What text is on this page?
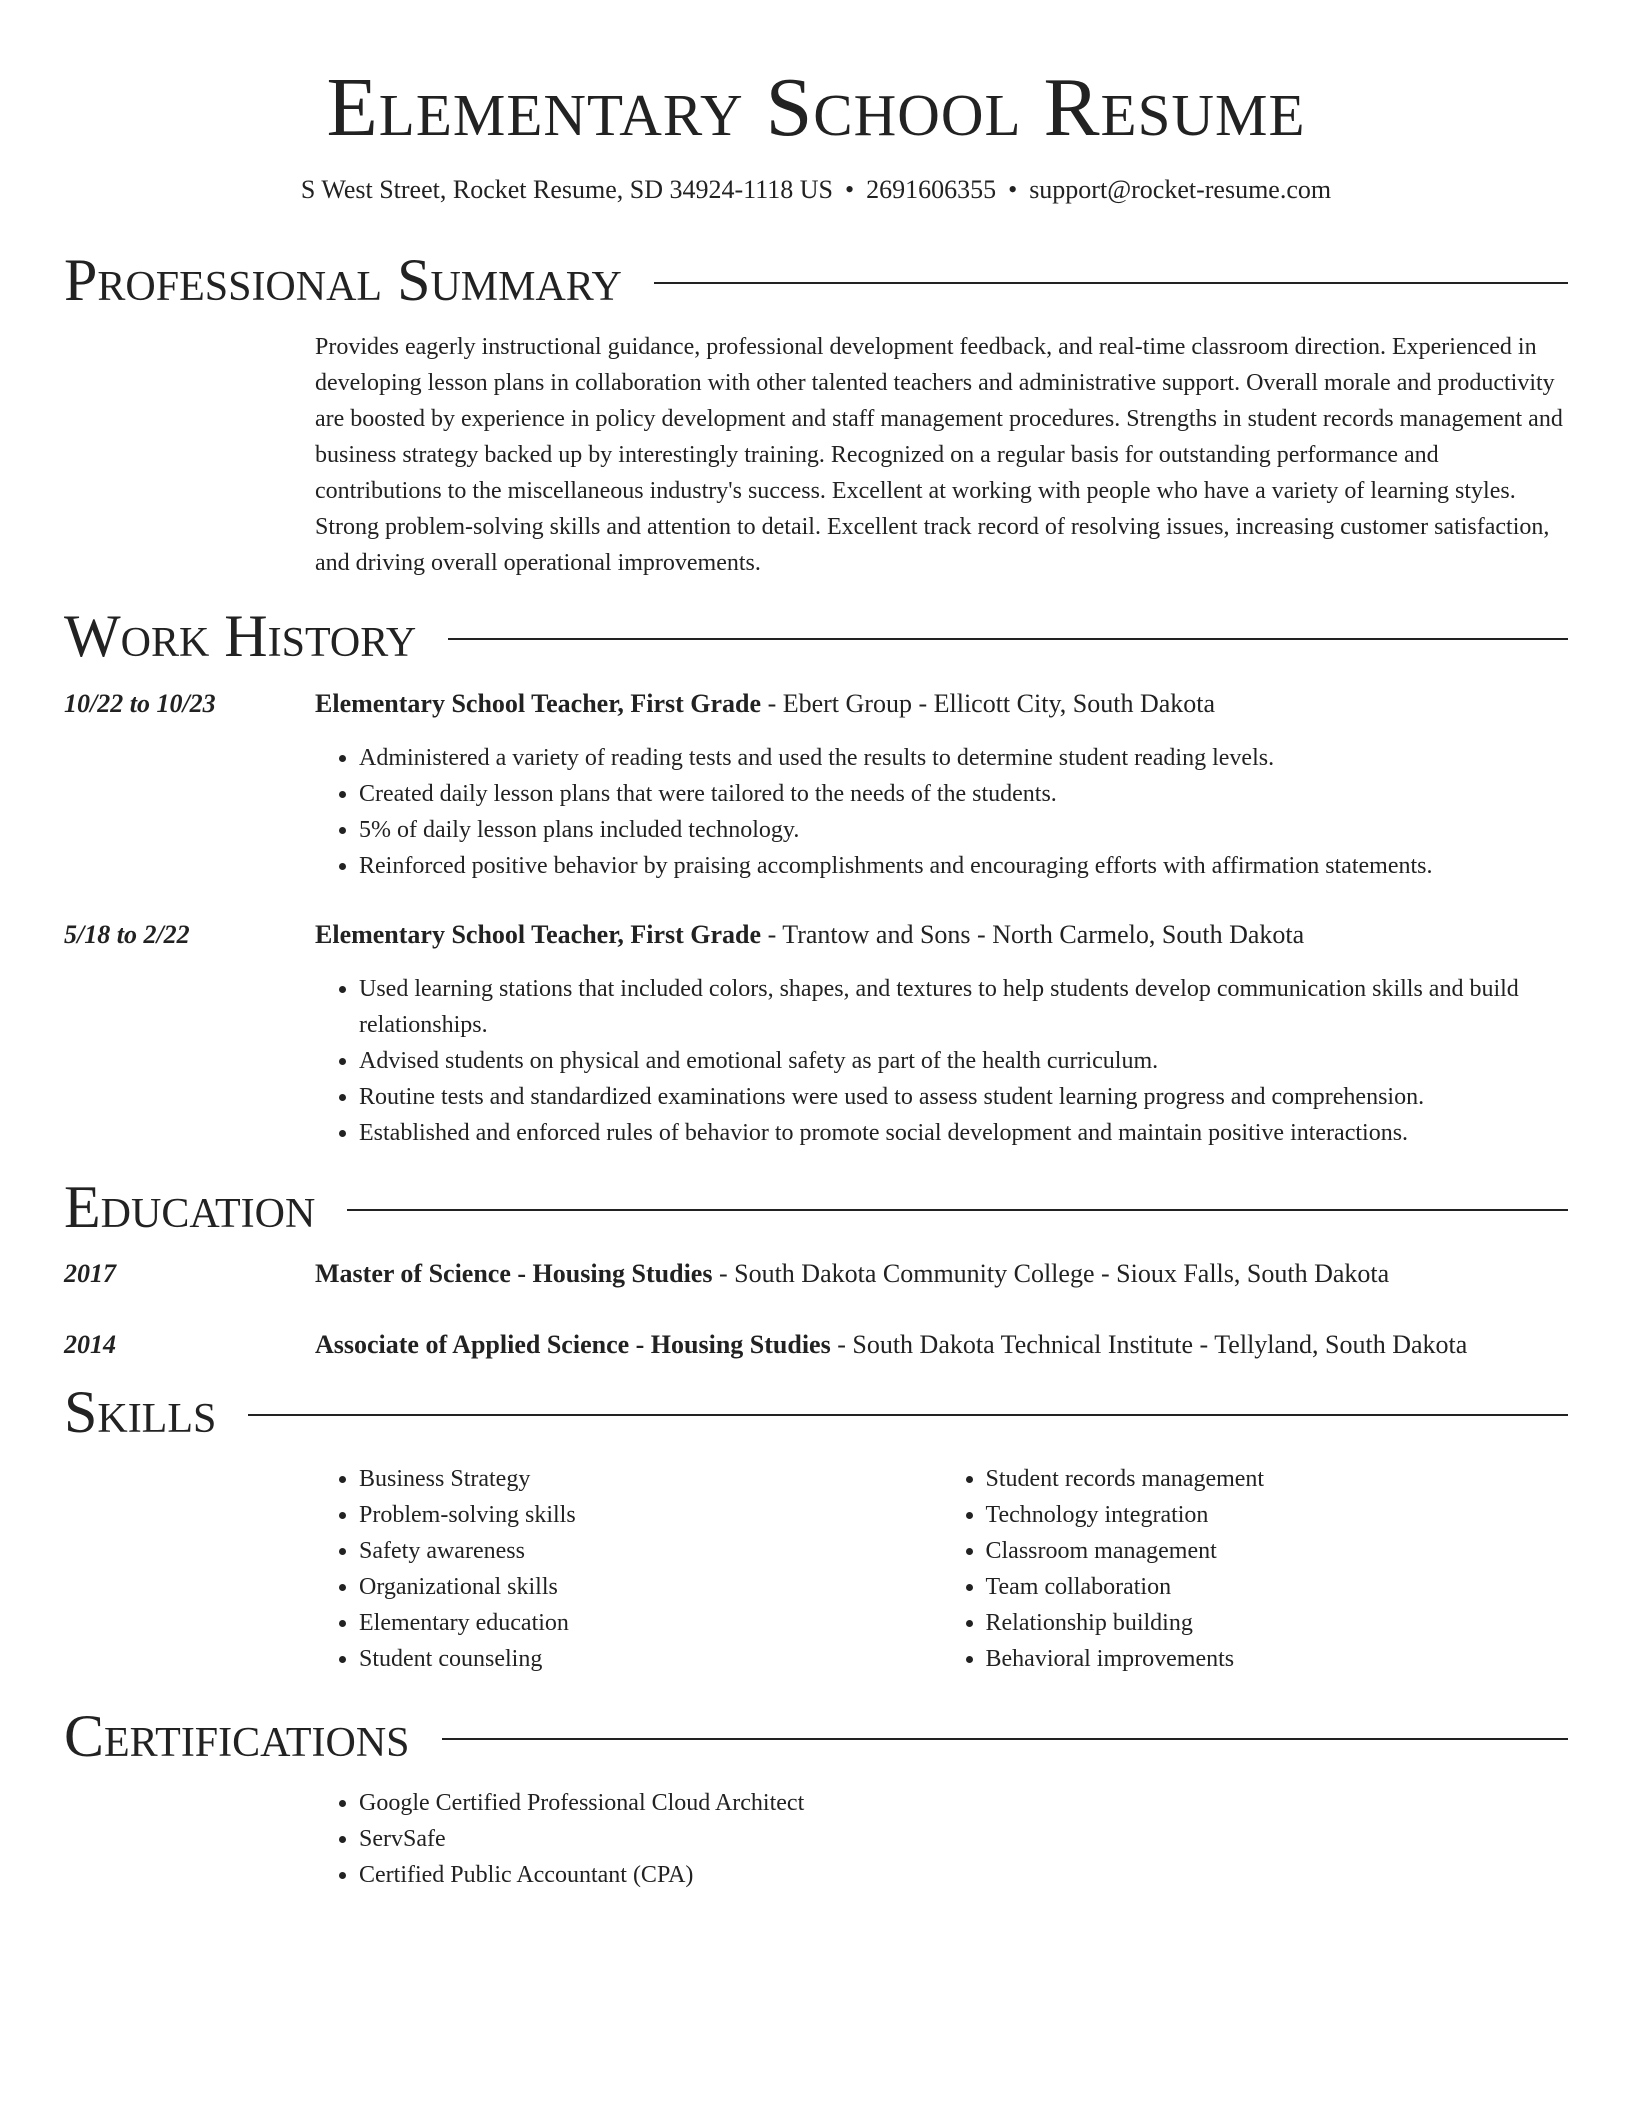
Elementary School Resume
S West Street, Rocket Resume, SD 34924-1118 US • 2691606355 • support@rocket-resume.com
Professional Summary

Provides eagerly instructional guidance, professional development feedback, and real-time classroom direction. Experienced in developing lesson plans in collaboration with other talented teachers and administrative support. Overall morale and productivity are boosted by experience in policy development and staff management procedures. Strengths in student records management and business strategy backed up by interestingly training. Recognized on a regular basis for outstanding performance and contributions to the miscellaneous industry's success. Excellent at working with people who have a variety of learning styles. Strong problem-solving skills and attention to detail. Excellent track record of resolving issues, increasing customer satisfaction, and driving overall operational improvements.

Work History
10/22 to 10/23	Elementary School Teacher, First Grade - Ebert Group - Ellicott City, South Dakota
• Administered a variety of reading tests and used the results to determine student reading levels.
• Created daily lesson plans that were tailored to the needs of the students.
• 5% of daily lesson plans included technology.
• Reinforced positive behavior by praising accomplishments and encouraging efforts with affirmation statements.
5/18 to 2/22	Elementary School Teacher, First Grade - Trantow and Sons - North Carmelo, South Dakota
• Used learning stations that included colors, shapes, and textures to help students develop communication skills and build relationships.
• Advised students on physical and emotional safety as part of the health curriculum.
• Routine tests and standardized examinations were used to assess student learning progress and comprehension.
• Established and enforced rules of behavior to promote social development and maintain positive interactions.
Education
2017	Master of Science - Housing Studies - South Dakota Community College - Sioux Falls, South Dakota
2014	Associate of Applied Science - Housing Studies - South Dakota Technical Institute - Tellyland, South Dakota
Skills
• Business Strategy
• Problem-solving skills
• Safety awareness
• Organizational skills
• Elementary education
• Student counseling
• Student records management
• Technology integration
• Classroom management
• Team collaboration
• Relationship building
• Behavioral improvements
Certifications
• Google Certified Professional Cloud Architect
• ServSafe
• Certified Public Accountant (CPA)
